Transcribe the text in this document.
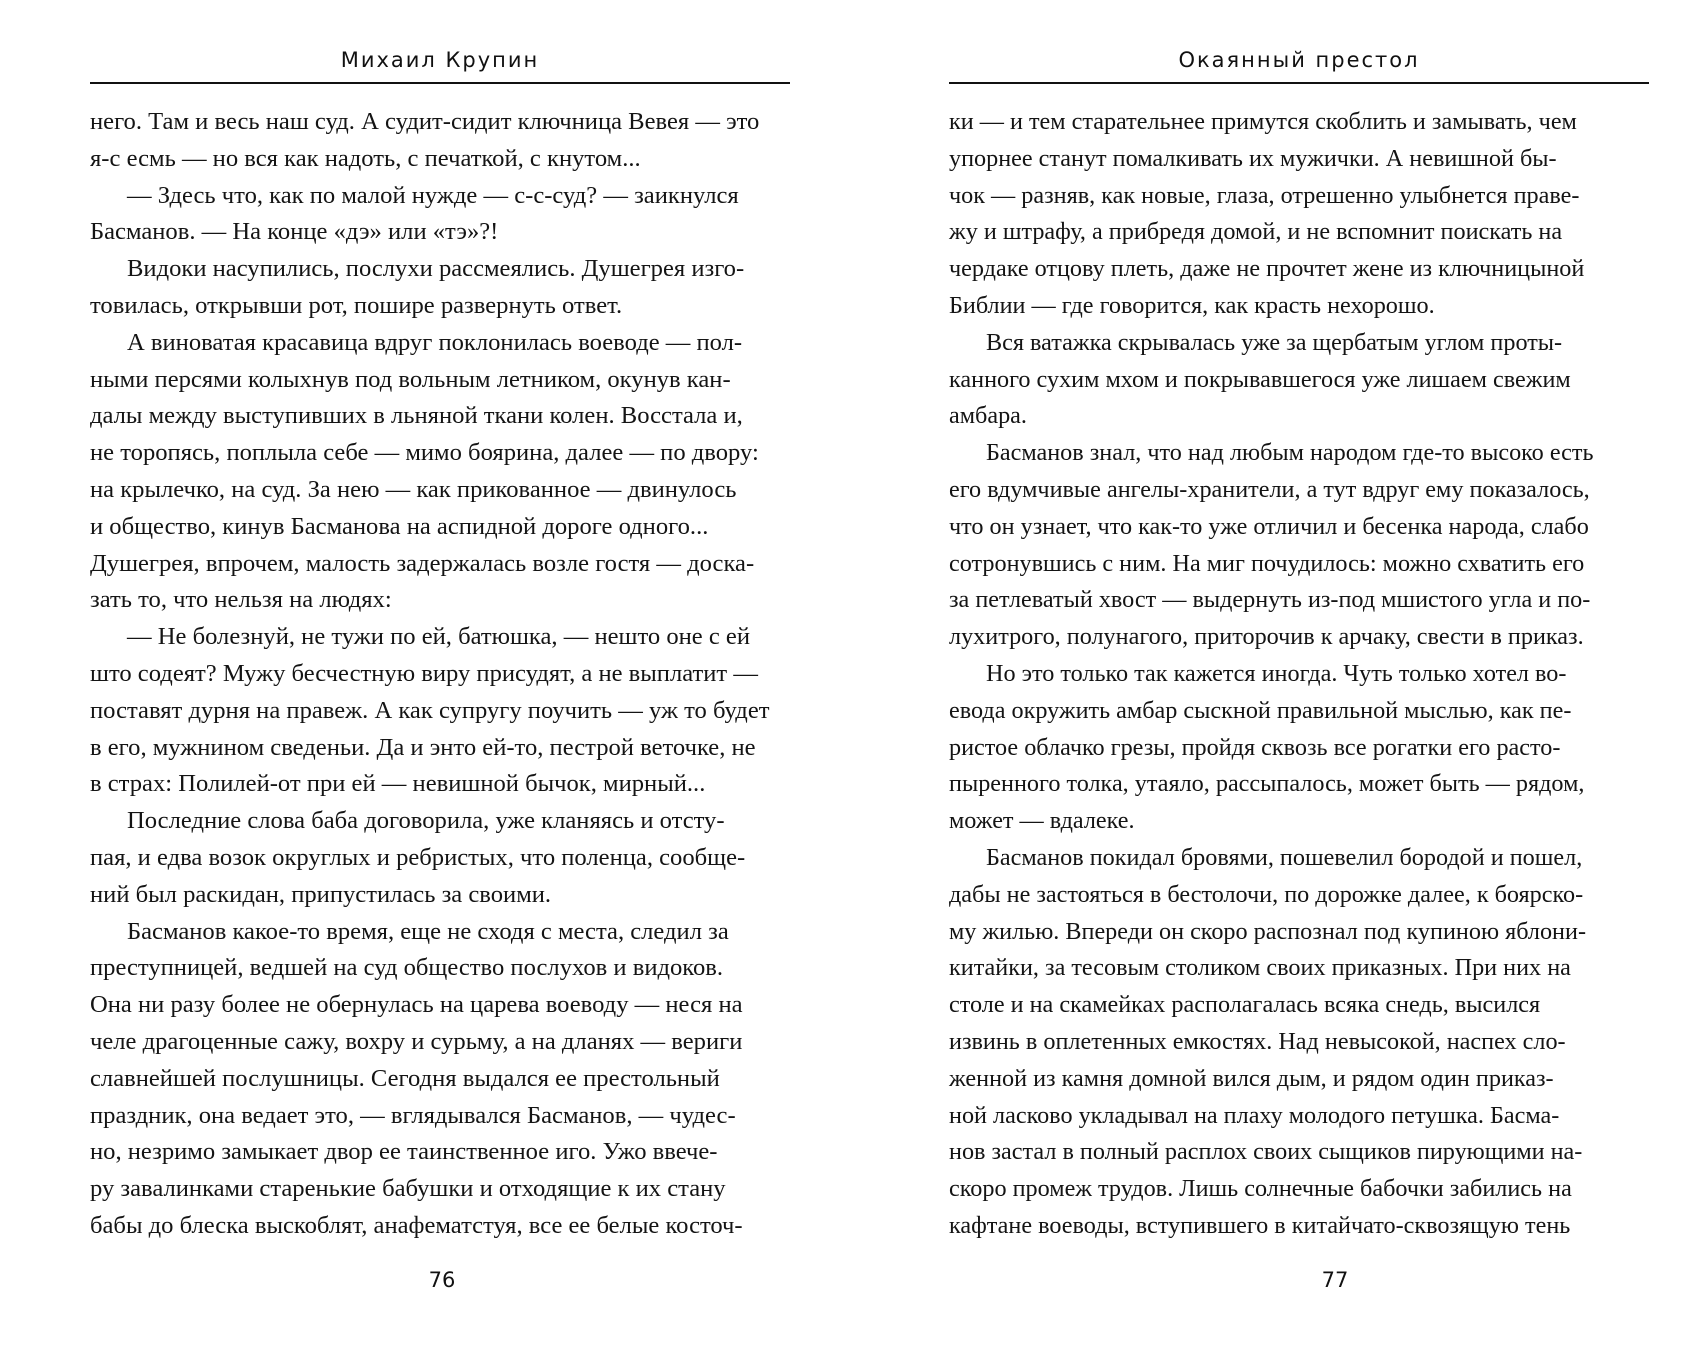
Михаил Крупин

него. Там и весь наш суд. А судит-сидит ключница Вевея — это

я-с есмь — но вся как надоть, с печаткой, с кнутом...

— Здесь что, как по малой нужде — с-с-суд? — заикнулся

Басманов. — На конце «дэ» или «тэ»?!

Видоки насупились, послухи рассмеялись. Душегрея изго-

товилась, открывши рот, пошире развернуть ответ.

А виноватая красавица вдруг поклонилась воеводе — пол-

ными персями колыхнув под вольным летником, окунув кан-

далы между выступивших в льняной ткани колен. Восстала и,

не торопясь, поплыла себе — мимо боярина, далее — по двору:

на крылечко, на суд. За нею — как прикованное — двинулось

и общество, кинув Басманова на аспидной дороге одного...

Душегрея, впрочем, малость задержалась возле гостя — доска-

зать то, что нельзя на людях:

— Не болезнуй, не тужи по ей, батюшка, — нешто оне с ей

што содеят? Мужу бесчестную виру присудят, а не выплатит —

поставят дурня на правеж. А как супругу поучить — уж то будет

в его, мужнином сведеньи. Да и энто ей-то, пестрой веточке, не

в страх: Полилей-от при ей — невишной бычок, мирный...

Последние слова баба договорила, уже кланяясь и отсту-

пая, и едва возок округлых и ребристых, что поленца, сообще-

ний был раскидан, припустилась за своими.

Басманов какое-то время, еще не сходя с места, следил за

преступницей, ведшей на суд общество послухов и видоков.

Она ни разу более не обернулась на царева воеводу — неся на

челе драгоценные сажу, вохру и сурьму, а на дланях — вериги

славнейшей послушницы. Сегодня выдался ее престольный

праздник, она ведает это, — вглядывался Басманов, — чудес-

но, незримо замыкает двор ее таинственное иго. Ужо ввече-

ру завалинками старенькие бабушки и отходящие к их стану

бабы до блеска выскоблят, анафематстуя, все ее белые косточ-

76
Окаянный престол

ки — и тем старательнее примутся скоблить и замывать, чем

упорнее станут помалкивать их мужички. А невишной бы-

чок — разняв, как новые, глаза, отрешенно улыбнется праве-

жу и штрафу, а прибредя домой, и не вспомнит поискать на

чердаке отцову плеть, даже не прочтет жене из ключницыной

Библии — где говорится, как красть нехорошо.

Вся ватажка скрывалась уже за щербатым углом проты-

канного сухим мхом и покрывавшегося уже лишаем свежим

амбара.

Басманов знал, что над любым народом где-то высоко есть

его вдумчивые ангелы-хранители, а тут вдруг ему показалось,

что он узнает, что как-то уже отличил и бесенка народа, слабо

сотронувшись с ним. На миг почудилось: можно схватить его

за петлеватый хвост — выдернуть из-под мшистого угла и по-

лухитрого, полунагого, приторочив к арчаку, свести в приказ.

Но это только так кажется иногда. Чуть только хотел во-

евода окружить амбар сыскной правильной мыслью, как пе-

ристое облачко грезы, пройдя сквозь все рогатки его расто-

пыренного толка, утаяло, рассыпалось, может быть — рядом,

может — вдалеке.

Басманов покидал бровями, пошевелил бородой и пошел,

дабы не застояться в бестолочи, по дорожке далее, к боярско-

му жилью. Впереди он скоро распознал под купиною яблони-

китайки, за тесовым столиком своих приказных. При них на

столе и на скамейках располагалась всяка снедь, высился

извинь в оплетенных емкостях. Над невысокой, наспех сло-

женной из камня домной вился дым, и рядом один приказ-

ной ласково укладывал на плаху молодого петушка. Басма-

нов застал в полный расплох своих сыщиков пирующими на-

скоро промеж трудов. Лишь солнечные бабочки забились на

кафтане воеводы, вступившего в китайчато-сквозящую тень

77
